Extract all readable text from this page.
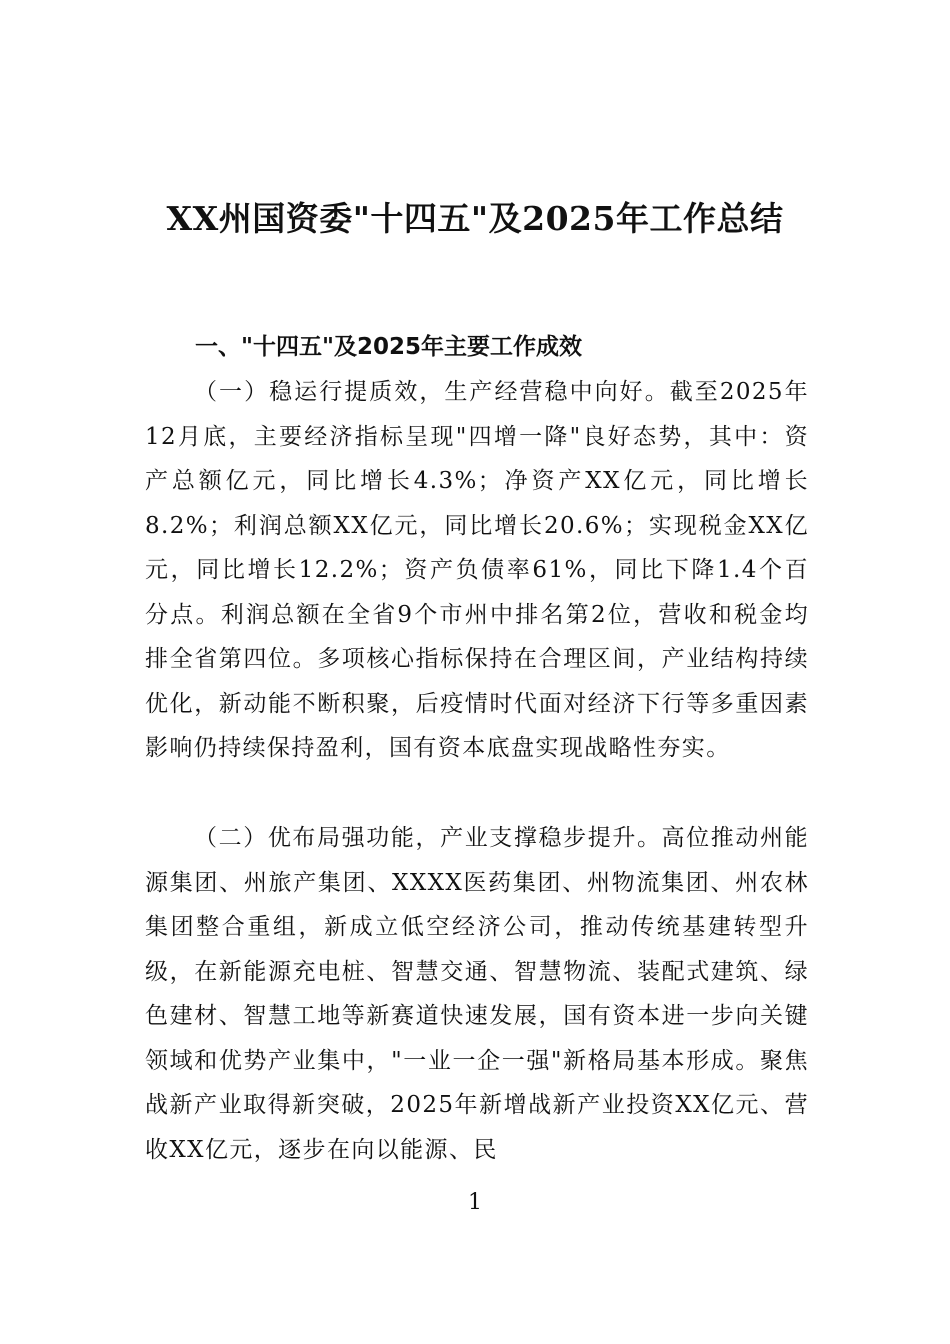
XX州国资委"十四五"及2025年工作总结
一、"十四五"及2025年主要工作成效

（一）稳运行提质效，生产经营稳中向好。截至2025年12月底，主要经济指标呈现"四增一降"良好态势，其中：资产总额亿元，同比增长4.3%；净资产XX亿元，同比增长8.2%；利润总额XX亿元，同比增长20.6%；实现税金XX亿元，同比增长12.2%；资产负债率61%，同比下降1.4个百分点。利润总额在全省9个市州中排名第2位，营收和税金均排全省第四位。多项核心指标保持在合理区间，产业结构持续优化，新动能不断积聚，后疫情时代面对经济下行等多重因素影响仍持续保持盈利，国有资本底盘实现战略性夯实。

（二）优布局强功能，产业支撑稳步提升。高位推动州能源集团、州旅产集团、XXXX医药集团、州物流集团、州农林集团整合重组，新成立低空经济公司，推动传统基建转型升级，在新能源充电桩、智慧交通、智慧物流、装配式建筑、绿色建材、智慧工地等新赛道快速发展，国有资本进一步向关键领域和优势产业集中，"一业一企一强"新格局基本形成。聚焦战新产业取得新突破，2025年新增战新产业投资XX亿元、营收XX亿元，逐步在向以能源、民

1
